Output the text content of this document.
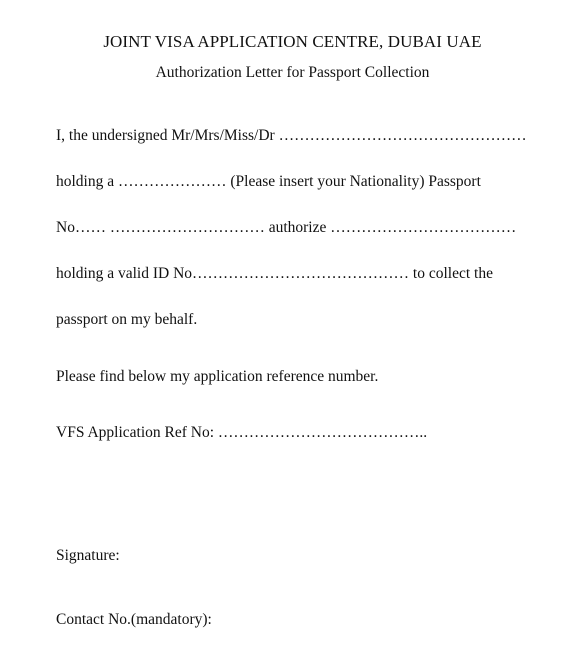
JOINT VISA APPLICATION CENTRE, DUBAI UAE
Authorization Letter for Passport Collection
I, the undersigned Mr/Mrs/Miss/Dr …………………………………………
holding a ………………… (Please insert your Nationality) Passport
No…… ………………………… authorize ………………………………
holding a valid ID No…………………………………… to collect the
passport on my behalf.
Please find below my application reference number.
VFS Application Ref No: …………………………………..
Signature:
Contact No.(mandatory):
